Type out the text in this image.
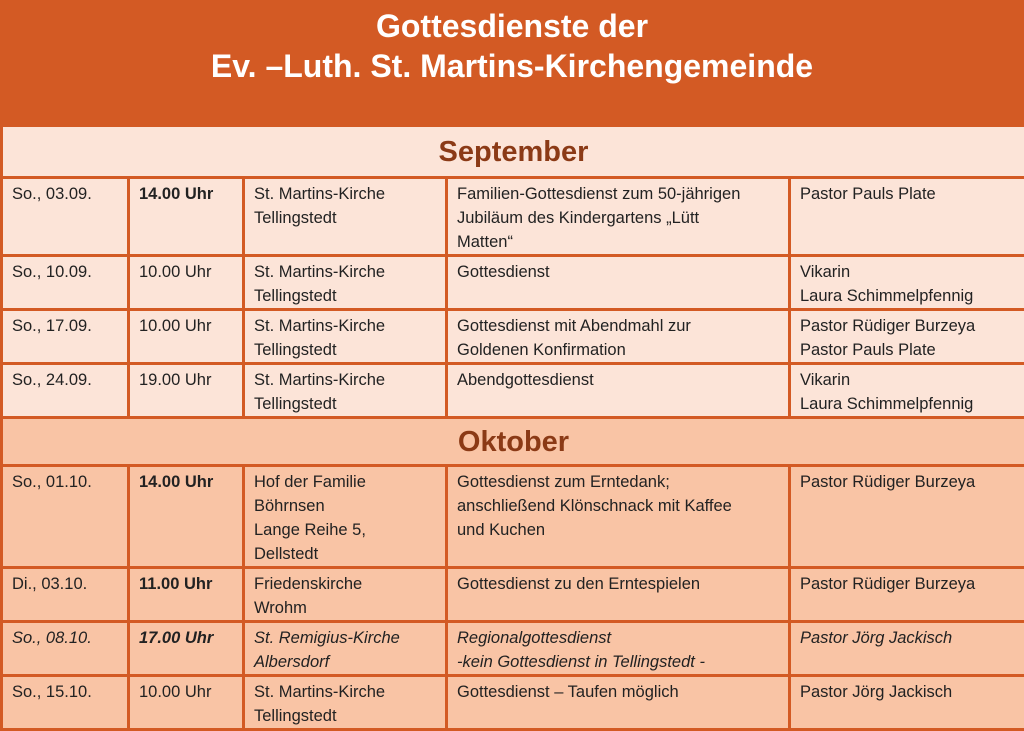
Gottesdienste der
Ev. –Luth. St. Martins-Kirchengemeinde
September				
So., 03.09.	14.00 Uhr	St. Martins-Kirche
Tellingstedt	Familien-Gottesdienst zum 50-jährigen
Jubiläum des Kindergartens „Lütt
Matten“	Pastor Pauls Plate

So., 10.09.	10.00 Uhr	St. Martins-Kirche
Tellingstedt	Gottesdienst	Vikarin
Laura Schimmelpfennig

So., 17.09.	10.00 Uhr	St. Martins-Kirche
Tellingstedt	Gottesdienst mit Abendmahl zur
Goldenen Konfirmation	Pastor Rüdiger Burzeya
Pastor Pauls Plate

So., 24.09.	19.00 Uhr	St. Martins-Kirche
Tellingstedt	Abendgottesdienst	Vikarin
Laura Schimmelpfennig

Oktober				
So., 01.10.	14.00 Uhr	Hof der Familie
Böhrnsen
Lange Reihe 5,
Dellstedt	Gottesdienst zum Erntedank;
anschließend Klönschnack mit Kaffee
und Kuchen	Pastor Rüdiger Burzeya

Di., 03.10.	11.00 Uhr	Friedenskirche
Wrohm	Gottesdienst zu den Erntespielen	Pastor Rüdiger Burzeya

So., 08.10.	17.00 Uhr	St. Remigius-Kirche
Albersdorf	Regionalgottesdienst
-kein Gottesdienst in Tellingstedt -	Pastor Jörg Jackisch

So., 15.10.	10.00 Uhr	St. Martins-Kirche
Tellingstedt	Gottesdienst – Taufen möglich	Pastor Jörg Jackisch
